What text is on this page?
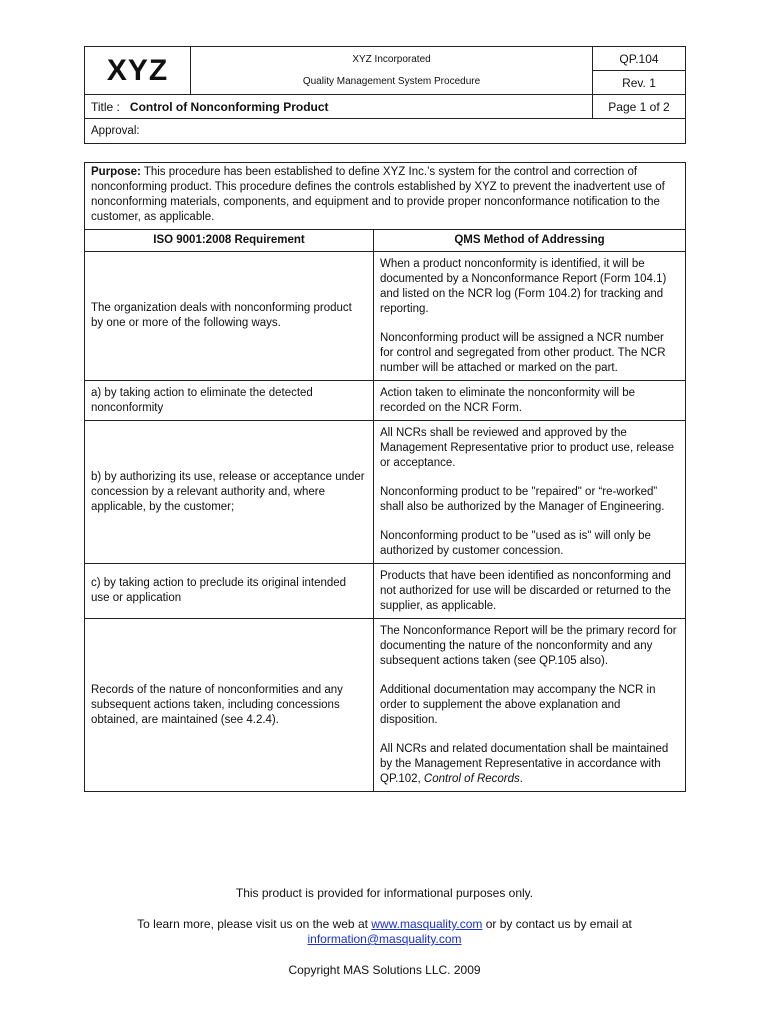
XYZ	XYZ Incorporated
Quality Management System Procedure	QP.104
		Rev. 1
Title : Control of Nonconforming Product		Page 1 of 2
Approval:		
Purpose: This procedure has been established to define XYZ Inc.’s system for the control and correction of nonconforming product. This procedure defines the controls established by XYZ to prevent the inadvertent use of nonconforming materials, components, and equipment and to provide proper nonconformance notification to the customer, as applicable.	
ISO 9001:2008 Requirement	QMS Method of Addressing
The organization deals with nonconforming product by one or more of the following ways.	When a product nonconformity is identified, it will be documented by a Nonconformance Report (Form 104.1) and listed on the NCR log (Form 104.2) for tracking and reporting.

Nonconforming product will be assigned a NCR number for control and segregated from other product. The NCR number will be attached or marked on the part.

a) by taking action to eliminate the detected nonconformity	Action taken to eliminate the nonconformity will be recorded on the NCR Form.

b) by authorizing its use, release or acceptance under concession by a relevant authority and, where applicable, by the customer;	All NCRs shall be reviewed and approved by the Management Representative prior to product use, release or acceptance.

Nonconforming product to be "repaired" or “re-worked” shall also be authorized by the Manager of Engineering.

Nonconforming product to be "used as is" will only be authorized by customer concession.

c) by taking action to preclude its original intended use or application	Products that have been identified as nonconforming and not authorized for use will be discarded or returned to the supplier, as applicable.

Records of the nature of nonconformities and any subsequent actions taken, including concessions obtained, are maintained (see 4.2.4).	The Nonconformance Report will be the primary record for documenting the nature of the nonconformity and any subsequent actions taken (see QP.105 also).

Additional documentation may accompany the NCR in order to supplement the above explanation and disposition.

All NCRs and related documentation shall be maintained by the Management Representative in accordance with QP.102, Control of Records.

This product is provided for informational purposes only.

To learn more, please visit us on the web at www.masquality.com or by contact us by email at

information@masquality.com

Copyright MAS Solutions LLC. 2009
